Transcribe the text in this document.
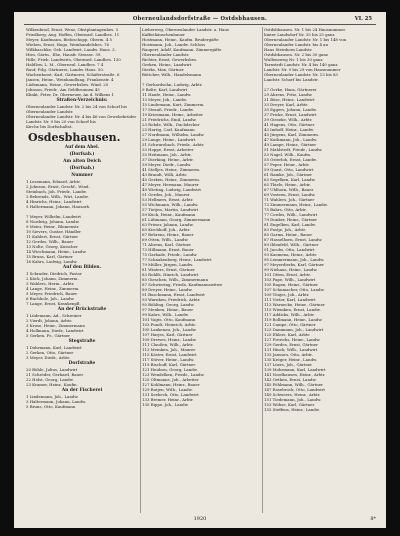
Oberneulandsdorfstraße — Ostdsbhausen.	VI. 25
Wilkenbrod, Ernst, Wenz, Obstplantagenbes. 5
Friedberg, Aug. Hoffen, Obermed. Landbes. 11
Meyer, Kaufmann, Bieloschopp. Oberm. 4 5
Wieben, Ernst, Hugo, Weinhandelsbes. 76
Wilkhaschke, Geb. Landwirt, Landw. Haus. 3.
Hies, Gärtn., Ehe, Hausfr. Strasse. 39.
Hille, Frieb. Landwirts, Obermed. Landbes. 130
Haldlow, L. M., Oberneul. Landbes. 7 4
Rauf, Frlg. Gärtnerei, Landw. Haus. 50.
Wachenhorst, Karl, Gärtnerei, Schäferstraße. 6
Jansen, Heinr., Weinhandlung, Frankenstr. 4
Lüdemann, Heinr., Gewerbsbes. Wind. 20
Johnson, Friedr., Am Geldbrunnen 45
Klinkt, Peter, Dr. Oberneuer, An d. Wilkens 1
Straßen-Verzeichnis:
Oberneulander Landstr. Nr. 2 bis 24 von Schorf bis
Oberneulander Landstr.
Oberneulander Landstr. Nr. 4 bis 46 von Gewebebrüder
Landstr. Nr. 9 bis 20 von Schorf bis
Kirche bis Dorfschaltst.
Osdesbhausen.
Auf dem Abel.
(Dorfsab.)
Am alten Deich
(Dorfsab.)
Nummer
1 Lesemann, Eduard, Arbtr.
2 Johnson, Ernst, Geschf., Wind.
Steinbach, Joh. Friedr., Landw.
3 Behrends, Wilh., Wirt, Landw.
4 Hinrichs, Heinr., Landwirt
5 Haltermann, Johann, Hausarb.
7 Meyer, Wilhelm, Landwirt
8 Nordwig, Johann, Landw.
9 Meier, Heinr., Blumenstr.
10 Sievers, Gustav, Händler
11 Kahlert, Ernst, Gärtner
12 Gerdes, Wilh., Bauer
13 Nolte, Georg, Kutscher
14 Wiechmann, Heinr., Landw.
15 Bruns, Karl, Gärtner
16 Kahrs, Ludwig, Landw.
Auf den Bilden.
1 Schrader, Diedrich, Pastor
2 Kück, Johann, Zimmerm.
3 Wahlers, Herm., Arbtr.
4 Lange, Heinr., Zimmerm.
5 Meyer, Friedrich, Bauer
6 Buchholz, Joh., Landw.
7 Lange, Ernst, Krankenpfl.
An der Brückstraße
1 Lüdemann, Ad., Schreiner
2 Vierdt, Johann, Arbtr.
3 Kruse, Heinr., Zimmermann
4 Hollmann, Diedr., Landwirt
5 Gerken, Fr., Gärtner
Stegstraße
1 Dohrmann, Karl, Landwirt
2 Gerken, Otto, Gärtner
3 Meyer, Diedr., Arbtr.
Dorfstraße
20 Böhle, Julius, Landwirt
21 Schröder, Gerhard, Bauer
22 Holst, Georg, Landw.
23 Kramer, Heinr., Kaufm.
An der Fischerei
1 Lindemann, Joh., Landw.
3 Haltermann, Johann, Landw.
5 Bruns, Otto, Kaufmann
Lieberweg, Oberneulander Landstr. a. Haus
Kaffeehäuschenbauer
Hostmann, Heinr., Kaufm. Brudergäfte
Hostmann, Joh., Landw. Schloss
Raupert, Adolf, Kaufmann. Zimmergäfte
Oberneuländer Landstr.
Richter, Ernst, Gewerbsbes.
Gerken, Heinr., Landwirt
Dierks, Max, Gärtner
Böttcher, Wilh., Handelsmann
7 Gerhardsohn, Ludwig, Arbtr.
9 Bolte, Karl, Landwirt
11 Haufe, Heinr., Landw.
13 Meyer, Joh., Landw.
15 Lindemann, Kurt, Zimmerm.
17 Strauß, Friedr., Landw.
19 Kriesmann, Heinr., Arbeiter
21 Friedrichs, Emil, Landw.
23 Rohde, Wilh., Dachdecker
25 Hartig, Carl, Kaufmann
27 Nordmann, Wilhelm, Landw.
29 Lange, Heinr., Landwirt
31 Schwarzbach, Friedr., Arbtr.
33 Hoppe, Ernst, Arbeiter
35 Heitmann, Joh., Arbtr.
37 Dierking, Heinr., Arbtr.
39 Meyer, Diedr., Landw.
41 Stelljes, Heinr., Zimmerm.
43 Brandt, Willi, Arbtr.
45 Gerken, Heinr., Zimmerm.
47 Meyer, Hermann, Maurer
49 Wieting, Ludwig, Landwirt
51 Gerdes, Joh., Maurer
53 Hellmers, Ernst, Arbtr.
55 Wichmann, Wilh., Landw.
57 Tietjen, Martin, Landwirt
59 Kück, Heinr., Kaufmann
61 Lühmann, Georg, Zimmermann
63 Prüser, Johann, Landw.
65 Kirchhoff, Joh., Arbtr.
67 Behrens, Heinr., Bauer
69 Otten, Wilh., Landw.
71 Ahrens, Karl, Gärtner
73 Hillmann, Ernst, Bauer
75 Garbade, Friedr., Landw.
77 Schnakenberg, Heinr., Landwirt
79 Müller, Jürgen, Landw.
81 Winters, Ernst, Gärtner
83 Rohlfs, Hinrich, Landwirt
85 Gieschen, Wilh., Zimmermann
87 Schwiering, Frieda, Kaufmannswitwe
89 Dreyer, Heinr., Landw.
91 Buschmann, Ernst, Landwirt
93 Warnken, Friedrich, Arbtr.
95 Böhling, Georg, Landw.
97 Menken, Heinr., Bauer
99 Kahrs, Wilh., Landw.
101 Vagts, Otto, Kaufmann
103 Pundt, Heinrich, Arbtr.
105 Lankenau, Joh., Landw.
107 Harjes, Karl, Gärtner
109 Drewes, Heinr., Landw.
111 Claußen, Wilh., Arbtr.
113 Meinken, Joh., Maurer
115 Köster, Ernst, Landwirt
117 Stöver, Heinr., Landw.
119 Bischoff, Karl, Gärtner
121 Heidorn, Georg, Landw.
123 Wendelken, Friedr., Landw.
125 Oltmanns, Joh., Arbeiter
127 Kohlmann, Heinr., Bauer
129 Ratjen, Wilh., Landw.
131 Seebeck, Otto, Landwirt
133 Bremer, Heinr., Arbtr.
135 Rippe, Joh., Landw.
Ostdsbhausen. Nr. 1 bis 24 Hausnummer
hinter Landsdorf Nr. 35 bis 25 ganz
Oberneulander Landstr. Nr. 1 bis 148 von
Oberneulander Landstr. bis 4 an
Haus Steinborn Landstr.
Ostdsbhausen. Nr. 2 bis 30 ganz
Wullensweg Nr. 1 bis 30 ganz
Tarnstedt Landstr. Nr. 4 bis 140 ganz
Landstr. Nr. 9 bis 29 von Hausnummer
Oberneulander Landstr. Nr. 13 bis 83
Landstr. Schorf bis Landstr.
27 Gerke, Hans, Gärtnerei
29 Ahrens, Fritz, Landw.
31 Böse, Heinr., Landwirt
33 Dreyer, Karl, Arbtr.
35 Eggers, Johann, Landw.
37 Fricke, Ernst, Landwirt
39 Gieseke, Wilh., Arbtr.
41 Hagens, Otto, Gärtner
43 Imhoff, Heinr., Landw.
45 Jürgens, Karl, Zimmerm.
47 Kathmann, Joh., Landw.
49 Lampe, Heinr., Gärtner
51 Mahlstedt, Friedr., Landw.
53 Nagel, Wilh., Kaufm.
55 Osterloh, Ernst, Landw.
57 Peper, Heinr., Arbtr.
59 Quast, Otto, Landwirt
61 Ramke, Joh., Gärtner
63 Segelken, Karl, Landw.
65 Thiele, Heinr., Arbtr.
67 Uhlhorn, Wilh., Bauer
69 Vosteen, Ernst, Landw.
71 Wahlers, Joh., Gärtner
73 Zimmermann, Heinr., Landw.
75 Bahrs, Otto, Arbtr.
77 Cordes, Wilh., Landwirt
79 Dunker, Heinr., Gärtner
81 Engelken, Karl, Landw.
83 Fastje, Joh., Arbtr.
85 Garms, Heinr., Bauer
87 Hasselhorn, Ernst, Landw.
89 Ihlenfeld, Wilh., Gärtner
91 Jacobs, Otto, Landwirt
93 Kaemena, Heinr., Arbtr.
95 Lemmermann, Joh., Landw.
97 Meyerdierks, Karl, Gärtner
99 Niehaus, Heinr., Landw.
101 Otten, Ernst, Arbtr.
103 Pape, Wilh., Landwirt
105 Rugen, Heinr., Gärtner
107 Schumacher, Otto, Landw.
109 Tönjes, Joh., Arbtr.
111 Vietor, Karl, Landwirt
113 Warnecke, Heinr., Gärtner
115 Wiemken, Ernst, Landw.
117 Addicks, Wilh., Arbtr.
119 Bollmann, Heinr., Landw.
121 Campe, Otto, Gärtner
123 Dammann, Joh., Landwirt
125 Ehlers, Karl, Arbtr.
127 Frerichs, Heinr., Landw.
129 Gerdes, Ernst, Gärtner
131 Hinck, Wilh., Landwirt
133 Janssen, Otto, Arbtr.
135 Kröger, Heinr., Landw.
137 Lüers, Joh., Gärtner
139 Mohrmann, Karl, Landwirt
141 Nordhausen, Heinr., Arbtr.
143 Oetken, Ernst, Landw.
145 Pöhlmann, Wilh., Gärtner
147 Rosebrock, Otto, Landwirt
149 Schweers, Heinr., Arbtr.
151 Tiedemann, Joh., Landw.
153 Wöbse, Karl, Gärtner
155 Steffens, Heinr., Landw.
1920	8*
